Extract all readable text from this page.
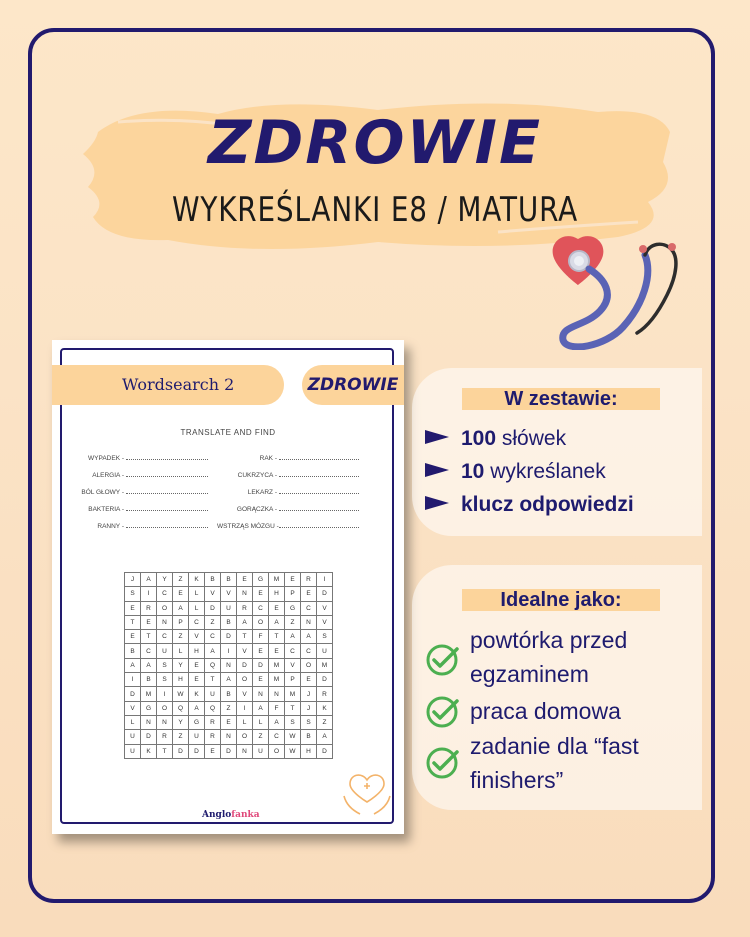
ZDROWIE
WYKREŚLANKI E8 / MATURA
Wordsearch 2	ZDROWIE
TRANSLATE AND FIND
WYPADEK -
ALERGIA -
BÓL GŁOWY -
BAKTERIA -
RANNY -
RAK -
CUKRZYCA -
LEKARZ -
GORĄCZKA -
WSTRZĄS MÓZGU -
J	A	Y	Z	K	B	B	E	G	M	E	R	I
S	I	C	E	L	V	V	N	E	H	P	E	D
E	R	O	A	L	D	U	R	C	E	G	C	V
T	E	N	P	C	Z	B	A	O	A	Z	N	V
E	T	C	Z	V	C	D	T	F	T	A	A	S
B	C	U	L	H	A	I	V	E	E	C	C	U
A	A	S	Y	E	Q	N	D	D	M	V	O	M
I	B	S	H	E	T	A	O	E	M	P	E	D
D	M	I	W	K	U	B	V	N	N	M	J	R
V	G	O	Q	A	Q	Z	I	A	F	T	J	K
L	N	N	Y	G	R	E	L	L	A	S	S	Z
U	D	R	Z	U	R	N	O	Z	C	W	B	A
U	K	T	D	D	E	D	N	U	O	W	H	D
Anglofanka
W zestawie:
100 słówek
10 wykreślanek
klucz odpowiedzi
Idealne jako:
powtórka przed
egzaminem
praca domowa
zadanie dla “fast
finishers”
